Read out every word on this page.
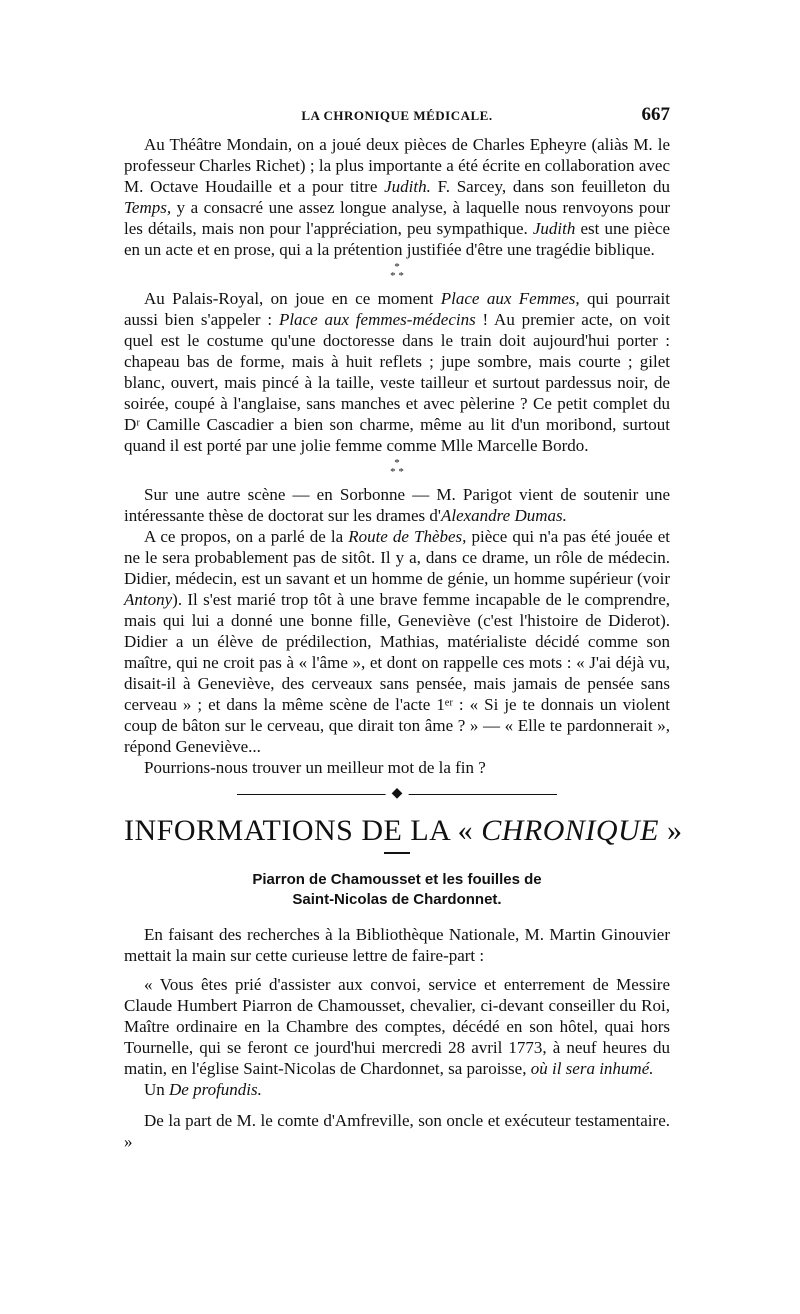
LA CHRONIQUE MÉDICALE.	667

Au Théâtre Mondain, on a joué deux pièces de Charles Epheyre (aliàs M. le professeur Charles Richet) ; la plus importante a été écrite en collaboration avec M. Octave Houdaille et a pour titre Judith. F. Sarcey, dans son feuilleton du Temps, y a consacré une assez longue analyse, à laquelle nous renvoyons pour les détails, mais non pour l'appréciation, peu sympathique. Judith est une pièce en un acte et en prose, qui a la prétention justifiée d'être une tragédie biblique.

*
* *

Au Palais-Royal, on joue en ce moment Place aux Femmes, qui pourrait aussi bien s'appeler : Place aux femmes-médecins ! Au premier acte, on voit quel est le costume qu'une doctoresse dans le train doit aujourd'hui porter : chapeau bas de forme, mais à huit reflets ; jupe sombre, mais courte ; gilet blanc, ouvert, mais pincé à la taille, veste tailleur et surtout pardessus noir, de soirée, coupé à l'anglaise, sans manches et avec pèlerine ? Ce petit complet du Dʳ Camille Cascadier a bien son charme, même au lit d'un moribond, surtout quand il est porté par une jolie femme comme Mlle Marcelle Bordo.

*
* *

Sur une autre scène — en Sorbonne — M. Parigot vient de soutenir une intéressante thèse de doctorat sur les drames d'Alexandre Dumas.

A ce propos, on a parlé de la Route de Thèbes, pièce qui n'a pas été jouée et ne le sera probablement pas de sitôt. Il y a, dans ce drame, un rôle de médecin. Didier, médecin, est un savant et un homme de génie, un homme supérieur (voir Antony). Il s'est marié trop tôt à une brave femme incapable de le comprendre, mais qui lui a donné une bonne fille, Geneviève (c'est l'histoire de Diderot). Didier a un élève de prédilection, Mathias, matérialiste décidé comme son maître, qui ne croit pas à « l'âme », et dont on rappelle ces mots : « J'ai déjà vu, disait-il à Geneviève, des cerveaux sans pensée, mais jamais de pensée sans cerveau » ; et dans la même scène de l'acte 1ᵉʳ : « Si je te donnais un violent coup de bâton sur le cerveau, que dirait ton âme ? » — « Elle te pardonnerait », répond Geneviève...

Pourrions-nous trouver un meilleur mot de la fin ?

◆
INFORMATIONS DE LA « CHRONIQUE »
Piarron de Chamousset et les fouilles de
Saint-Nicolas de Chardonnet.

En faisant des recherches à la Bibliothèque Nationale, M. Martin Ginouvier mettait la main sur cette curieuse lettre de faire-part :

« Vous êtes prié d'assister aux convoi, service et enterrement de Messire Claude Humbert Piarron de Chamousset, chevalier, ci-devant conseiller du Roi, Maître ordinaire en la Chambre des comptes, décédé en son hôtel, quai hors Tournelle, qui se feront ce jourd'hui mercredi 28 avril 1773, à neuf heures du matin, en l'église Saint-Nicolas de Chardonnet, sa paroisse, où il sera inhumé.

Un De profundis.

De la part de M. le comte d'Amfreville, son oncle et exécuteur testamentaire. »
